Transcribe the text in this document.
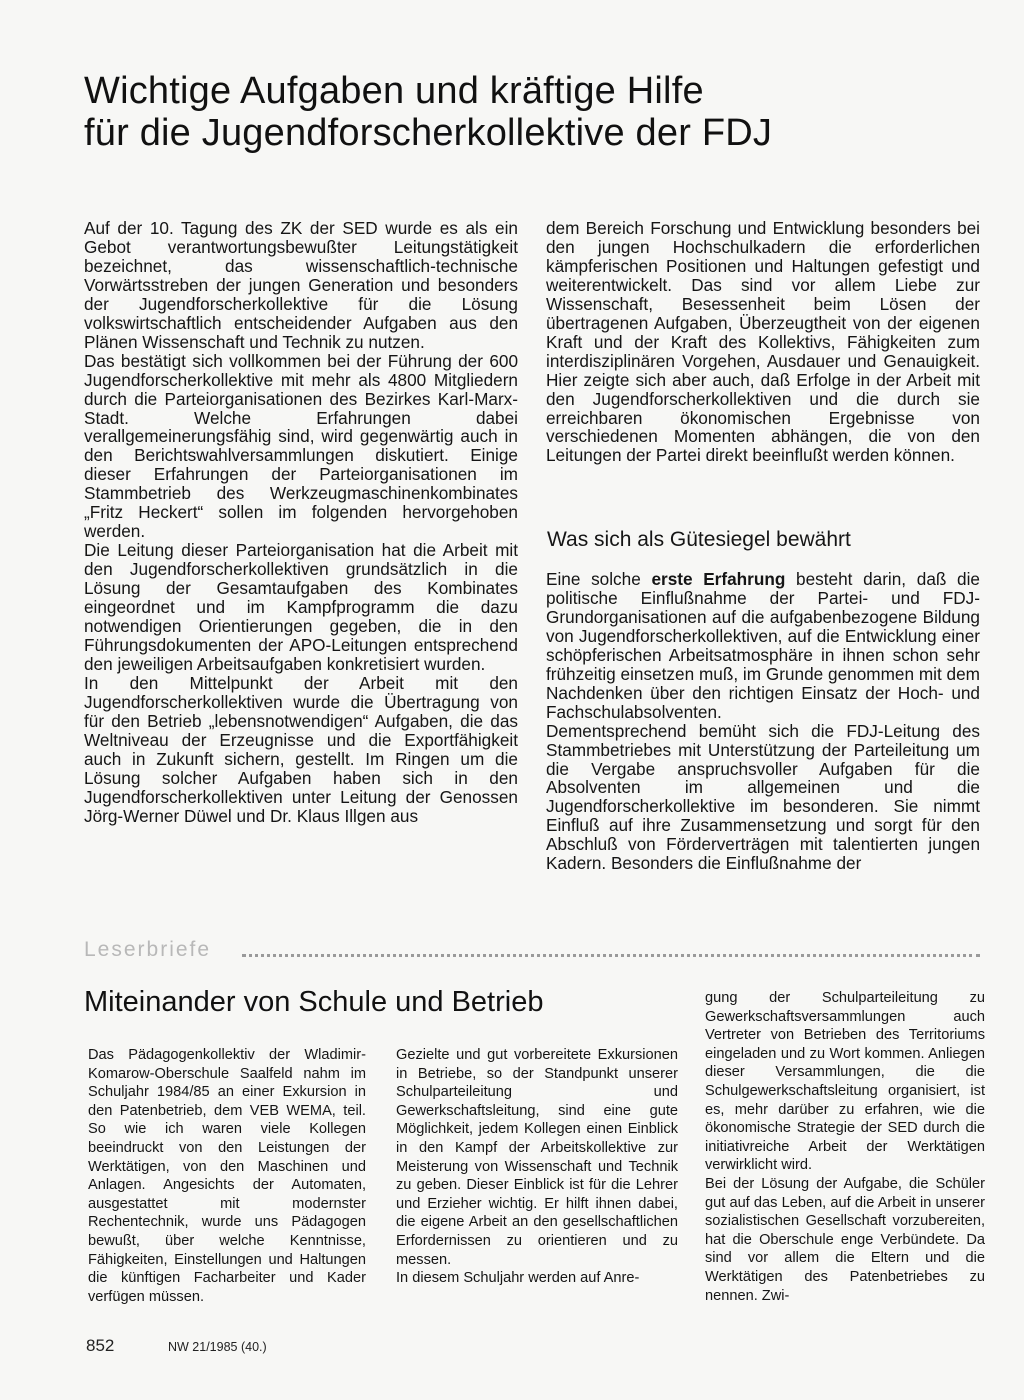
Wichtige Aufgaben und kräftige Hilfe
für die Jugendforscherkollektive der FDJ

Auf der 10. Tagung des ZK der SED wurde es als ein Gebot verantwortungsbewußter Leitungstätigkeit bezeichnet, das wissenschaftlich-technische Vorwärtsstreben der jungen Generation und besonders der Jugendforscherkollektive für die Lösung volkswirtschaftlich entscheidender Aufgaben aus den Plänen Wissenschaft und Technik zu nutzen.

Das bestätigt sich vollkommen bei der Führung der 600 Jugendforscherkollektive mit mehr als 4800 Mitgliedern durch die Parteiorganisationen des Bezirkes Karl-Marx-Stadt. Welche Erfahrungen dabei verallgemeinerungsfähig sind, wird gegenwärtig auch in den Berichtswahlversammlungen diskutiert. Einige dieser Erfahrungen der Parteiorganisationen im Stammbetrieb des Werkzeugmaschinenkombinates „Fritz Heckert“ sollen im folgenden hervorgehoben werden.

Die Leitung dieser Parteiorganisation hat die Arbeit mit den Jugendforscherkollektiven grundsätzlich in die Lösung der Gesamtaufgaben des Kombinates eingeordnet und im Kampfprogramm die dazu notwendigen Orientierungen gegeben, die in den Führungsdokumenten der APO-Leitungen entsprechend den jeweiligen Arbeitsaufgaben konkretisiert wurden.

In den Mittelpunkt der Arbeit mit den Jugendforscherkollektiven wurde die Übertragung von für den Betrieb „lebensnotwendigen“ Aufgaben, die das Weltniveau der Erzeugnisse und die Exportfähigkeit auch in Zukunft sichern, gestellt. Im Ringen um die Lösung solcher Aufgaben haben sich in den Jugendforscherkollektiven unter Leitung der Genossen Jörg-Werner Düwel und Dr. Klaus Illgen aus

dem Bereich Forschung und Entwicklung besonders bei den jungen Hochschulkadern die erforderlichen kämpferischen Positionen und Haltungen gefestigt und weiterentwickelt. Das sind vor allem Liebe zur Wissenschaft, Besessenheit beim Lösen der übertragenen Aufgaben, Überzeugtheit von der eigenen Kraft und der Kraft des Kollektivs, Fähigkeiten zum interdisziplinären Vorgehen, Ausdauer und Genauigkeit. Hier zeigte sich aber auch, daß Erfolge in der Arbeit mit den Jugendforscherkollektiven und die durch sie erreichbaren ökonomischen Ergebnisse von verschiedenen Momenten abhängen, die von den Leitungen der Partei direkt beeinflußt werden können.

Was sich als Gütesiegel bewährt

Eine solche erste Erfahrung besteht darin, daß die politische Einflußnahme der Partei- und FDJ-Grundorganisationen auf die aufgabenbezogene Bildung von Jugendforscherkollektiven, auf die Entwicklung einer schöpferischen Arbeitsatmosphäre in ihnen schon sehr frühzeitig einsetzen muß, im Grunde genommen mit dem Nachdenken über den richtigen Einsatz der Hoch- und Fachschulabsolventen.

Dementsprechend bemüht sich die FDJ-Leitung des Stammbetriebes mit Unterstützung der Parteileitung um die Vergabe anspruchsvoller Aufgaben für die Absolventen im allgemeinen und die Jugendforscherkollektive im besonderen. Sie nimmt Einfluß auf ihre Zusammensetzung und sorgt für den Abschluß von Förderverträgen mit talentierten jungen Kadern. Besonders die Einflußnahme der

Leserbriefe
Miteinander von Schule und Betrieb

Das Pädagogenkollektiv der Wladimir-Komarow-Oberschule Saalfeld nahm im Schuljahr 1984/85 an einer Exkursion in den Patenbetrieb, dem VEB WEMA, teil. So wie ich waren viele Kollegen beeindruckt von den Leistungen der Werktätigen, von den Maschinen und Anlagen. Angesichts der Automaten, ausgestattet mit modernster Rechentechnik, wurde uns Pädagogen bewußt, über welche Kenntnisse, Fähigkeiten, Einstellungen und Haltungen die künftigen Facharbeiter und Kader verfügen müssen.

Gezielte und gut vorbereitete Exkursionen in Betriebe, so der Standpunkt unserer Schulparteileitung und Gewerkschaftsleitung, sind eine gute Möglichkeit, jedem Kollegen einen Einblick in den Kampf der Arbeitskollektive zur Meisterung von Wissenschaft und Technik zu geben. Dieser Einblick ist für die Lehrer und Erzieher wichtig. Er hilft ihnen dabei, die eigene Arbeit an den gesellschaftlichen Erfordernissen zu orientieren und zu messen.

In diesem Schuljahr werden auf Anre-

gung der Schulparteileitung zu Gewerkschaftsversammlungen auch Vertreter von Betrieben des Territoriums eingeladen und zu Wort kommen. Anliegen dieser Versammlungen, die die Schulgewerkschaftsleitung organisiert, ist es, mehr darüber zu erfahren, wie die ökonomische Strategie der SED durch die initiativreiche Arbeit der Werktätigen verwirklicht wird.

Bei der Lösung der Aufgabe, die Schüler gut auf das Leben, auf die Arbeit in unserer sozialistischen Gesellschaft vorzubereiten, hat die Oberschule enge Verbündete. Da sind vor allem die Eltern und die Werktätigen des Patenbetriebes zu nennen. Zwi-

852	NW 21/1985 (40.)
